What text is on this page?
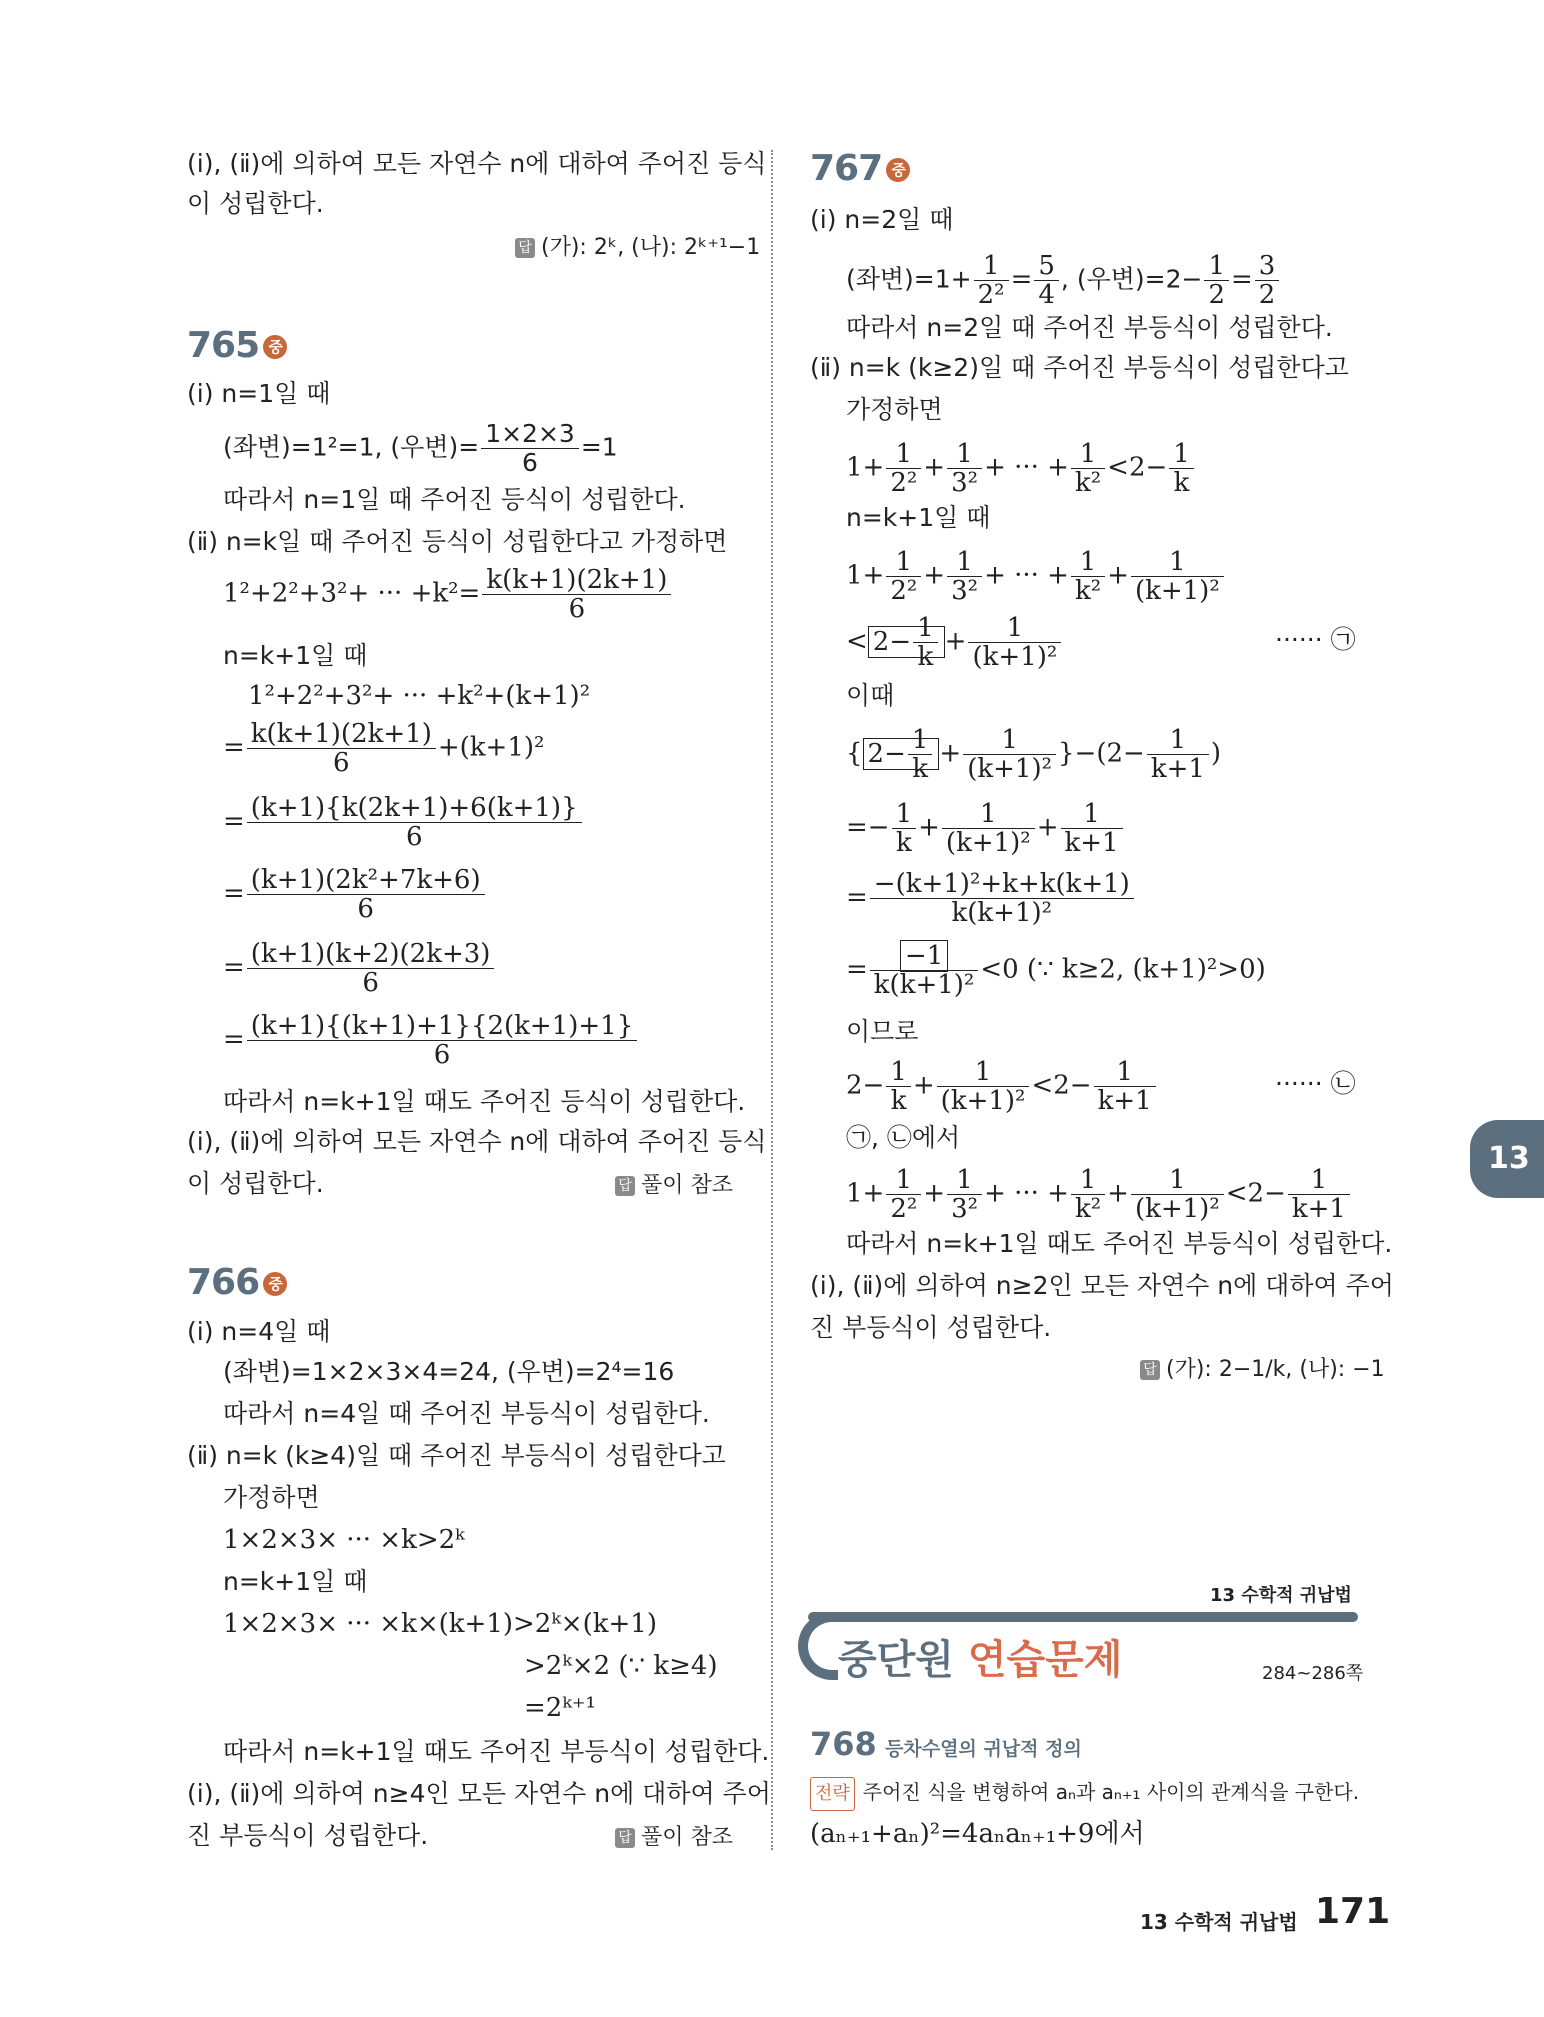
(ⅰ), (ⅱ)에 의하여 모든 자연수 n에 대하여 주어진 등식
이 성립한다.
답 (가): 2ᵏ, (나): 2ᵏ⁺¹−1
765 중
(ⅰ) n=1일 때
(좌변)=1²=1, (우변)= $\frac{1\times 2\times 3}{6} =1$
따라서 n=1일 때 주어진 등식이 성립한다.
(ⅱ) n=k일 때 주어진 등식이 성립한다고 가정하면
1²+2²+3²+ ··· $+k^2= \frac{k(k+1)(2k+1)}{6}$
n=k+1일 때
1²+2²+3²+ ··· +k²+(k+1)²
= $\frac{k(k+1)(2k+1)}{6} +(k+1)^2$
= $\frac{(k+1)\{k(2k+1)+6(k+1)\}}{6}$
= $\frac{\text{(k+1)(2k²+7k+6)}}{6}$
= $\frac{(k+1)(k+2)(2k+3)}{6}$
= $\frac{(k+1)\{(k+1)+1\}\{2(k+1)+1\}}{6}$
따라서 n=k+1일 때도 주어진 등식이 성립한다.
(ⅰ), (ⅱ)에 의하여 모든 자연수 n에 대하여 주어진 등식
이 성립한다.	답 풀이 참조
766 중
(ⅰ) n=4일 때
(좌변)=1×2×3×4=24, (우변)=2⁴=16
따라서 n=4일 때 주어진 부등식이 성립한다.
(ⅱ) n=k (k≥4)일 때 주어진 부등식이 성립한다고
가정하면
1×2×3× ··· ×k>2ᵏ
n=k+1일 때
1×2×3× ··· ×k×(k+1)>2ᵏ×(k+1)
>2ᵏ×2 (∵ k≥4)
=2ᵏ⁺¹
따라서 n=k+1일 때도 주어진 부등식이 성립한다.
(ⅰ), (ⅱ)에 의하여 n≥4인 모든 자연수 n에 대하여 주어
진 부등식이 성립한다.	답 풀이 참조
767 중
(ⅰ) n=2일 때
(좌변)$=1+ \frac{1}{\text{2²}} = \frac{5}{4}$ , (우변)$=2- \frac{1}{2} = \frac{3}{2}$
따라서 n=2일 때 주어진 부등식이 성립한다.
(ⅱ) n=k (k≥2)일 때 주어진 부등식이 성립한다고
가정하면
$1+ \frac{1}{\text{2²}} + \frac{1}{\text{3²}}$ + ··· + $\frac{1}{\text{k²}} <2- \frac{1}{k}$
n=k+1일 때
$1+ \frac{1}{\text{2²}} + \frac{1}{\text{3²}}$ + ··· + $\frac{1}{\text{k²}} + \frac{1}{\text{(k+1)²}}$
< $2- \frac{1}{k} + \frac{1}{\text{(k+1)²}}$	······ ㉠
이때
{ $2- \frac{1}{k} + \frac{1}{\text{(k+1)²}} \}-(2- \frac{1}{k+1}$ )
=− $\frac{1}{k} + \frac{1}{\text{(k+1)²}} + \frac{1}{k+1}$
= $\frac{\text{−(k+1)²+k+k(k+1)}}{\text{k(k+1)²}}$
= $\frac{-1}{\text{k(k+1)²}} <0$ (∵ k≥2, (k+1)²>0)
이므로
$2- \frac{1}{k} + \frac{1}{\text{(k+1)²}} <2- \frac{1}{k+1}$	······ ㉡
㉠, ㉡에서
$1+ \frac{1}{\text{2²}} + \frac{1}{\text{3²}}$ + ··· + $\frac{1}{\text{k²}} + \frac{1}{\text{(k+1)²}} <2- \frac{1}{k+1}$
따라서 n=k+1일 때도 주어진 부등식이 성립한다.
(ⅰ), (ⅱ)에 의하여 n≥2인 모든 자연수 n에 대하여 주어
진 부등식이 성립한다.
답 (가): 2−1/k, (나): −1
13 수학적 귀납법
중단원 연습문제	284~286쪽
768 등차수열의 귀납적 정의
전략 주어진 식을 변형하여 aₙ과 aₙ₊₁ 사이의 관계식을 구한다.
(aₙ₊₁+aₙ)²=4aₙaₙ₊₁+9에서
13
13 수학적 귀납법 171
